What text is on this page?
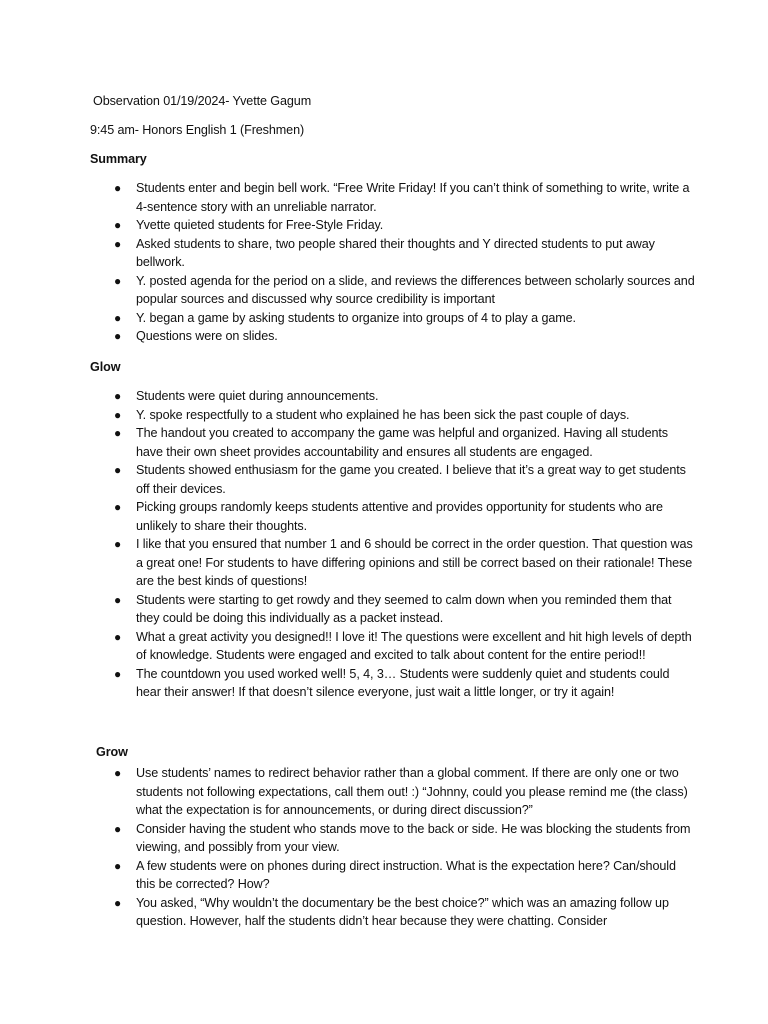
Observation 01/19/2024- Yvette Gagum
9:45 am- Honors English 1 (Freshmen)
Summary
● Students enter and begin bell work. “Free Write Friday! If you can’t think of something to write, write a 4-sentence story with an unreliable narrator.
● Yvette quieted students for Free-Style Friday.
● Asked students to share, two people shared their thoughts and Y directed students to put away bellwork.
● Y. posted agenda for the period on a slide, and reviews the differences between scholarly sources and popular sources and discussed why source credibility is important
● Y. began a game by asking students to organize into groups of 4 to play a game.
● Questions were on slides.
Glow
● Students were quiet during announcements.
● Y. spoke respectfully to a student who explained he has been sick the past couple of days.
● The handout you created to accompany the game was helpful and organized. Having all students have their own sheet provides accountability and ensures all students are engaged.
● Students showed enthusiasm for the game you created. I believe that it’s a great way to get students off their devices.
● Picking groups randomly keeps students attentive and provides opportunity for students who are unlikely to share their thoughts.
● I like that you ensured that number 1 and 6 should be correct in the order question. That question was a great one! For students to have differing opinions and still be correct based on their rationale! These are the best kinds of questions!
● Students were starting to get rowdy and they seemed to calm down when you reminded them that they could be doing this individually as a packet instead.
● What a great activity you designed!! I love it! The questions were excellent and hit high levels of depth of knowledge. Students were engaged and excited to talk about content for the entire period!!
● The countdown you used worked well! 5, 4, 3… Students were suddenly quiet and students could hear their answer! If that doesn’t silence everyone, just wait a little longer, or try it again!
Grow
● Use students’ names to redirect behavior rather than a global comment. If there are only one or two students not following expectations, call them out! :) “Johnny, could you please remind me (the class) what the expectation is for announcements, or during direct discussion?”
● Consider having the student who stands move to the back or side. He was blocking the students from viewing, and possibly from your view.
● A few students were on phones during direct instruction. What is the expectation here? Can/should this be corrected? How?
● You asked, “Why wouldn’t the documentary be the best choice?” which was an amazing follow up question. However, half the students didn’t hear because they were chatting. Consider
